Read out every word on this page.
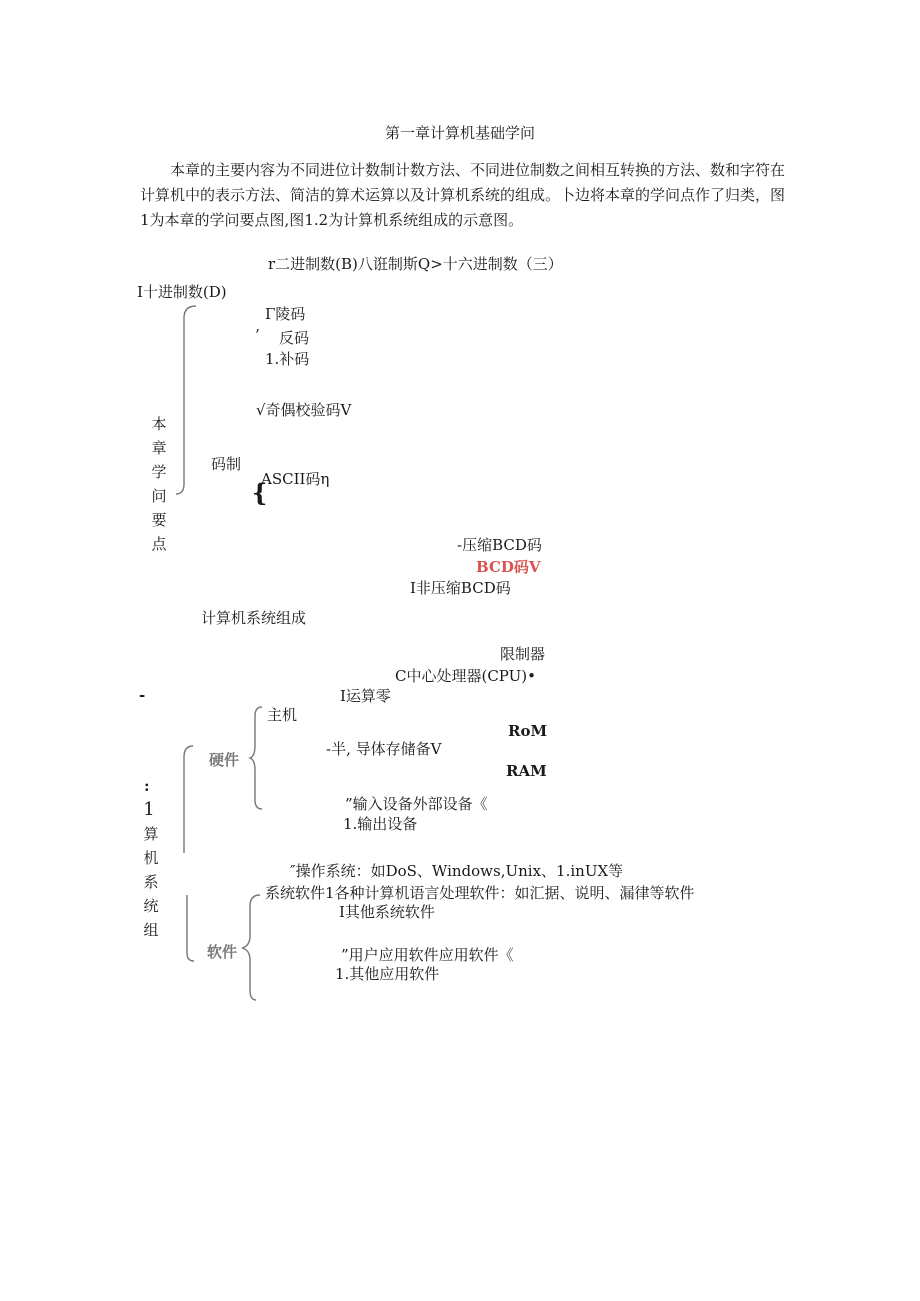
第一章计算机基础学问
本章的主要内容为不同进位计数制计数方法、不同进位制数之间相互转换的方法、数和字符在计算机中的表示方法、简洁的算术运算以及计算机系统的组成。卜边将本章的学问点作了归类，图1为本章的学问要点图,图1.2为计算机系统组成的示意图。
r二进制数(B)八诳制斯Q>十六进制数（三）
I十进制数(D)
本
章
学
问
要
点
Γ陵码
’ 反码
1.补码
√奇偶校验码V
码制
ASCII码η
{
-压缩BCD码
BCD码V
I非压缩BCD码
计算机系统组成
限制器
C中心处理器(CPU)•
-	I运算零
主机
RoM
-半, 导体存储备V
RAM
”输入设备外部设备《
1.输出设备
硬件
:
1
算
机
系
统
组
″操作系统：如DoS、Windows,Unix、1.inUX等
系统软件1各种计算机语言处理软件：如汇据、说明、漏律等软件
I其他系统软件
软件	”用户应用软件应用软件《
1.其他应用软件
